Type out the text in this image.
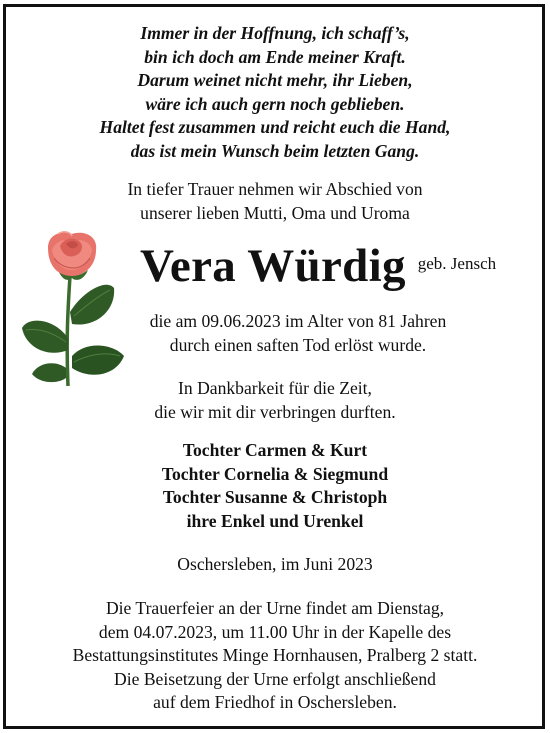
Immer in der Hoffnung, ich schaff’s,
bin ich doch am Ende meiner Kraft.
Darum weinet nicht mehr, ihr Lieben,
wäre ich auch gern noch geblieben.
Haltet fest zusammen und reicht euch die Hand,
das ist mein Wunsch beim letzten Gang.
In tiefer Trauer nehmen wir Abschied von
unserer lieben Mutti, Oma und Uroma
Vera Würdig geb. Jensch
die am 09.06.2023 im Alter von 81 Jahren
durch einen saften Tod erlöst wurde.
In Dankbarkeit für die Zeit,
die wir mit dir verbringen durften.
Tochter Carmen & Kurt
Tochter Cornelia & Siegmund
Tochter Susanne & Christoph
ihre Enkel und Urenkel
Oschersleben, im Juni 2023
Die Trauerfeier an der Urne findet am Dienstag,
dem 04.07.2023, um 11.00 Uhr in der Kapelle des
Bestattungsinstitutes Minge Hornhausen, Pralberg 2 statt.
Die Beisetzung der Urne erfolgt anschließend
auf dem Friedhof in Oschersleben.
